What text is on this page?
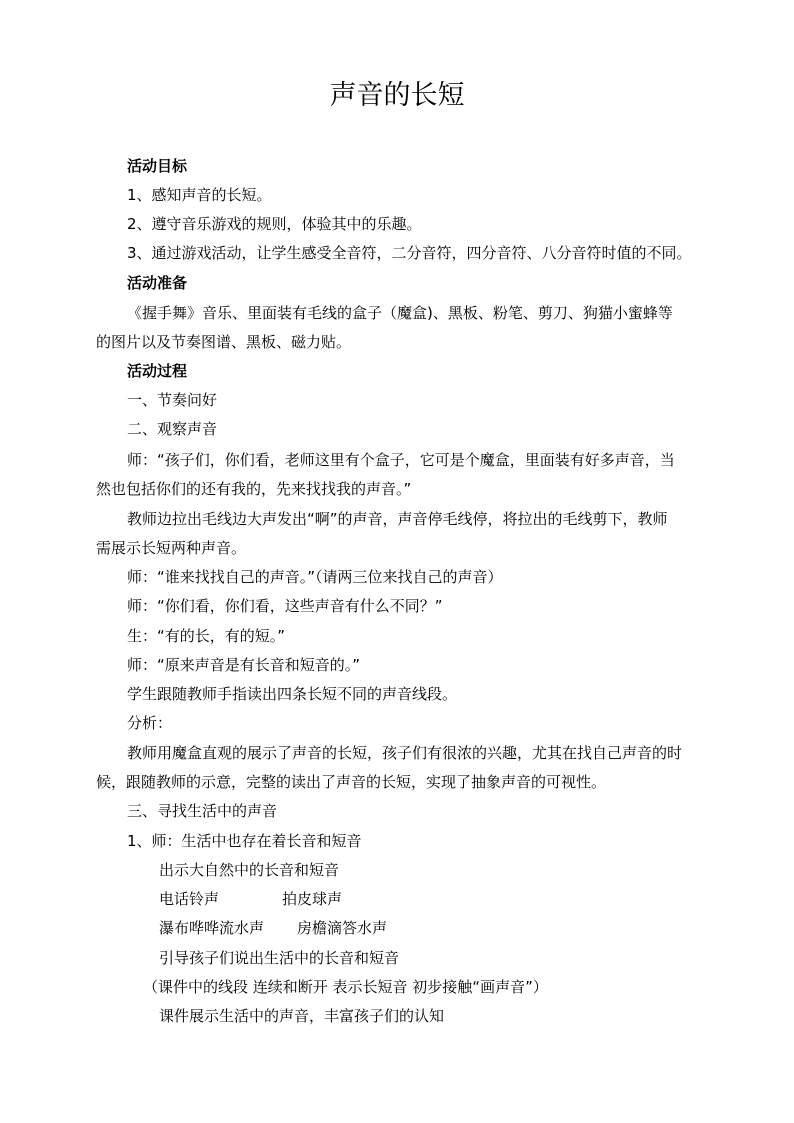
声音的长短
活动目标
1、感知声音的长短。
2、遵守音乐游戏的规则，体验其中的乐趣。
3、通过游戏活动，让学生感受全音符，二分音符，四分音符、八分音符时值的不同。
活动准备
《握手舞》音乐、里面装有毛线的盒子（魔盒)、黑板、粉笔、剪刀、狗猫小蜜蜂等
的图片以及节奏图谱、黑板、磁力贴。
活动过程
一、节奏问好
二、观察声音
师：“孩子们，你们看，老师这里有个盒子，它可是个魔盒，里面装有好多声音，当
然也包括你们的还有我的，先来找找我的声音。”
教师边拉出毛线边大声发出“啊”的声音，声音停毛线停，将拉出的毛线剪下，教师
需展示长短两种声音。
师：“谁来找找自己的声音。”（请两三位来找自己的声音）
师：“你们看，你们看，这些声音有什么不同？”
生：“有的长，有的短。”
师：“原来声音是有长音和短音的。”
学生跟随教师手指读出四条长短不同的声音线段。
分析：
教师用魔盒直观的展示了声音的长短，孩子们有很浓的兴趣，尤其在找自己声音的时
候，跟随教师的示意，完整的读出了声音的长短，实现了抽象声音的可视性。
三、寻找生活中的声音
1、师：生活中也存在着长音和短音
出示大自然中的长音和短音
电话铃声	拍皮球声
瀑布哗哗流水声 房檐滴答水声
引导孩子们说出生活中的长音和短音
（课件中的线段 连续和断开 表示长短音 初步接触“画声音”）
课件展示生活中的声音，丰富孩子们的认知
